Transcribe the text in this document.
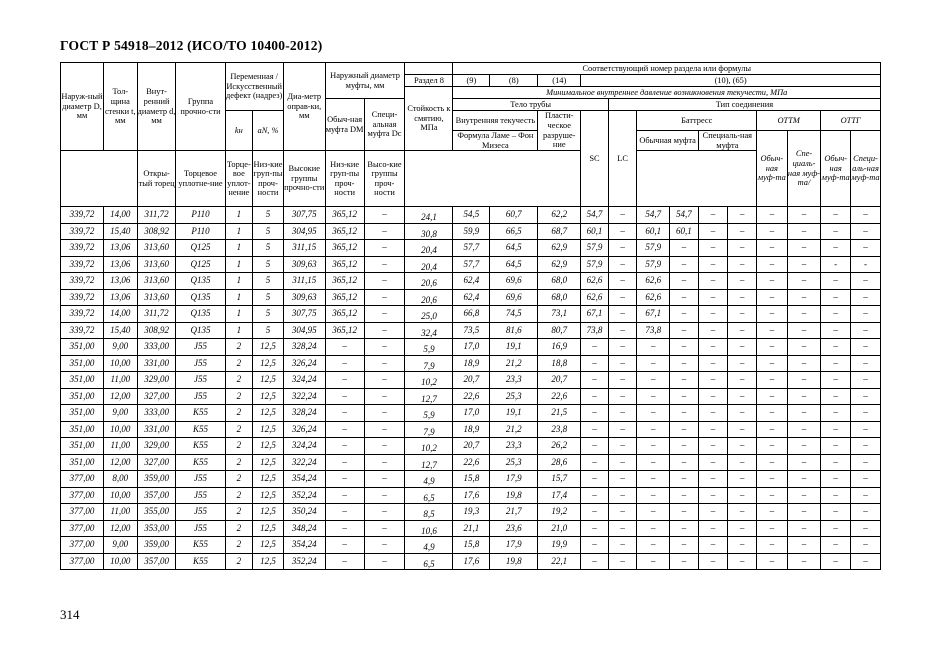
ГОСТ Р 54918–2012 (ИСО/ТО 10400-2012)
Наруж-ный диаметр D, мм	Тол-щина стенки t, мм	Внут-ренний диаметр d, мм	Группа прочно-сти	Переменная /Искусственный дефект (надрез)		Диа-метр оправ-ки, мм	Наружный диаметр муфты, мм			Соответствующий номер раздела или формулы												
									Раздел 8	(9)	(8)	(14)	(10), (65)									
									Стойкость к смятию, МПа	Минимальное внутреннее давление возникновения текучести, МПа												
							Обыч-ная муфта DM	Специ-альная муфта Dc		Тело трубы				Тип соединения								
				kн	aN, %					Внутренняя текучесть		Пласти-ческое разруше-ние	SC	LC	Баттресс				ОТТМ		ОТТГ	
										Формула Ламе – Фон Мизеса					Обычная муфта		Специаль-ная муфта		Обыч-ная муф-та	Спе-циаль-ная муф-та/	Обыч-ная муф-та	Специ-аль-ная муф-та
		Откры-тый торец	Торцевое уплотне-ние	Торце-вое уплот-нение	Низ-кие груп-пы проч-ности	Высокие группы прочно-сти	Низ-кие груп-пы проч-ности	Высо-кие группы проч-ности														
339,72	14,00	311,72	P110	1	5	307,75	365,12	–	24,1	54,5	60,7	62,2	54,7	–	54,7	54,7	–	–	–	–	–	–
339,72	15,40	308,92	P110	1	5	304,95	365,12	–	30,8	59,9	66,5	68,7	60,1	–	60,1	60,1	–	–	–	–	–	–
339,72	13,06	313,60	Q125	1	5	311,15	365,12	–	20,4	57,7	64,5	62,9	57,9	–	57,9	–	–	–	–	–	–	–
339,72	13,06	313,60	Q125	1	5	309,63	365,12	–	20,4	57,7	64,5	62,9	57,9	–	57,9	–	–	–	–	–	-	-
339,72	13,06	313,60	Q135	1	5	311,15	365,12	–	20,6	62,4	69,6	68,0	62,6	–	62,6	–	–	–	–	–	–	–
339,72	13,06	313,60	Q135	1	5	309,63	365,12	–	20,6	62,4	69,6	68,0	62,6	–	62,6	–	–	–	–	–	–	–
339,72	14,00	311,72	Q135	1	5	307,75	365,12	–	25,0	66,8	74,5	73,1	67,1	–	67,1	–	–	–	–	–	–	–
339,72	15,40	308,92	Q135	1	5	304,95	365,12	–	32,4	73,5	81,6	80,7	73,8	–	73,8	–	–	–	–	–	–	–
351,00	9,00	333,00	J55	2	12,5	328,24	–	–	5,9	17,0	19,1	16,9	–	–	–	–	–	–	–	–	–	–
351,00	10,00	331,00	J55	2	12,5	326,24	–	–	7,9	18,9	21,2	18,8	–	–	–	–	–	–	–	–	–	–
351,00	11,00	329,00	J55	2	12,5	324,24	–	–	10,2	20,7	23,3	20,7	–	–	–	–	–	–	–	–	–	–
351,00	12,00	327,00	J55	2	12,5	322,24	–	–	12,7	22,6	25,3	22,6	–	–	–	–	–	–	–	–	–	–
351,00	9,00	333,00	K55	2	12,5	328,24	–	–	5,9	17,0	19,1	21,5	–	–	–	–	–	–	–	–	–	–
351,00	10,00	331,00	K55	2	12,5	326,24	–	–	7,9	18,9	21,2	23,8	–	–	–	–	–	–	–	–	–	–
351,00	11,00	329,00	K55	2	12,5	324,24	–	–	10,2	20,7	23,3	26,2	–	–	–	–	–	–	–	–	–	–
351,00	12,00	327,00	K55	2	12,5	322,24	–	–	12,7	22,6	25,3	28,6	–	–	–	–	–	–	–	–	–	–
377,00	8,00	359,00	J55	2	12,5	354,24	–	–	4,9	15,8	17,9	15,7	–	–	–	–	–	–	–	–	–	–
377,00	10,00	357,00	J55	2	12,5	352,24	–	–	6,5	17,6	19,8	17,4	–	–	–	–	–	–	–	–	–	–
377,00	11,00	355,00	J55	2	12,5	350,24	–	–	8,5	19,3	21,7	19,2	–	–	–	–	–	–	–	–	–	–
377,00	12,00	353,00	J55	2	12,5	348,24	–	–	10,6	21,1	23,6	21,0	–	–	–	–	–	–	–	–	–	–
377,00	9,00	359,00	K55	2	12,5	354,24	–	–	4,9	15,8	17,9	19,9	–	–	–	–	–	–	–	–	–	–
377,00	10,00	357,00	K55	2	12,5	352,24	–	–	6,5	17,6	19,8	22,1	–	–	–	–	–	–	–	–	–	–
314
